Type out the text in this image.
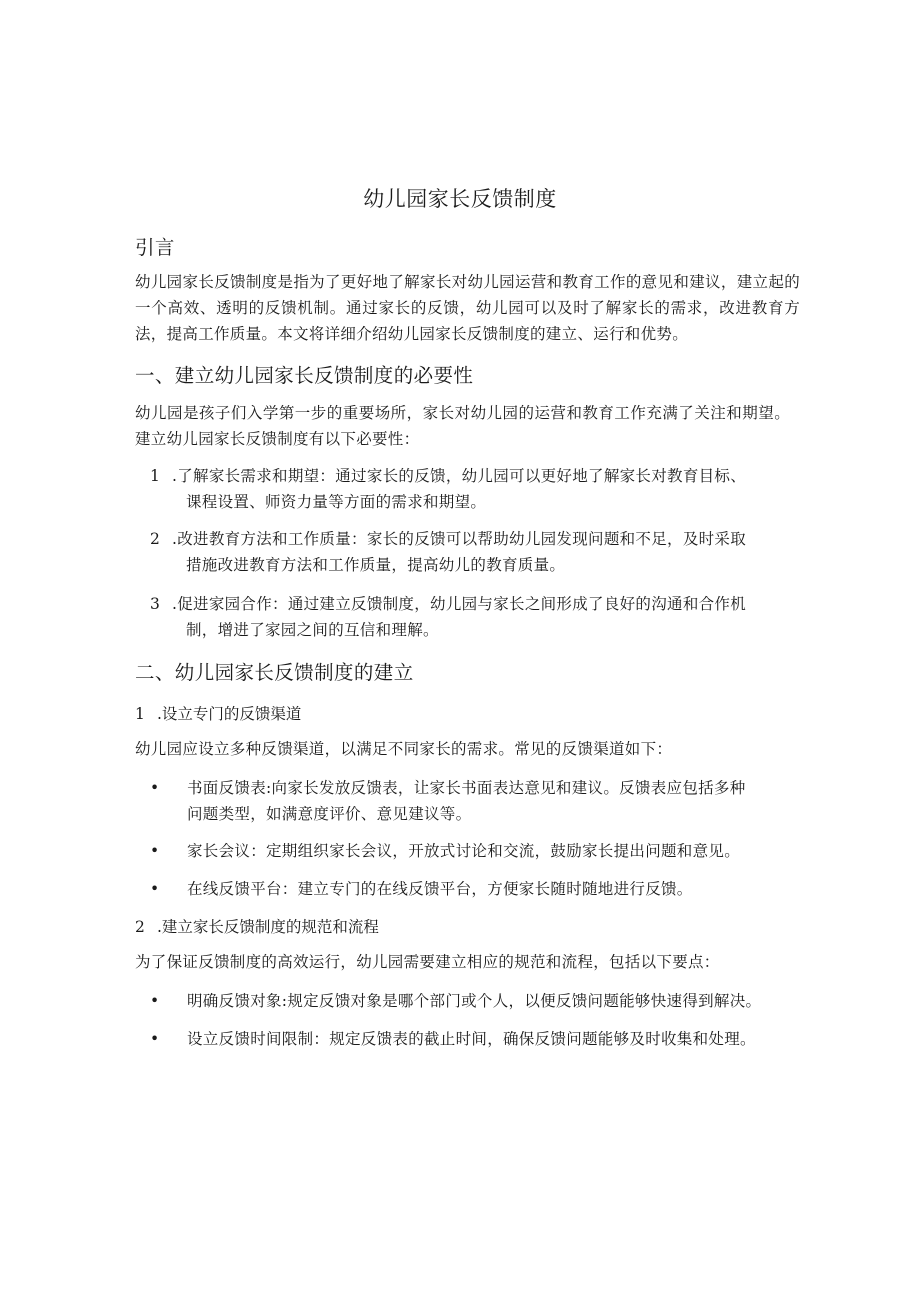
幼儿园家长反馈制度
引言

幼儿园家长反馈制度是指为了更好地了解家长对幼儿园运营和教育工作的意见和建议，建立起的一个高效、透明的反馈机制。通过家长的反馈，幼儿园可以及时了解家长的需求，改进教育方法，提高工作质量。本文将详细介绍幼儿园家长反馈制度的建立、运行和优势。

一、建立幼儿园家长反馈制度的必要性

幼儿园是孩子们入学第一步的重要场所，家长对幼儿园的运营和教育工作充满了关注和期望。建立幼儿园家长反馈制度有以下必要性：

1 .了解家长需求和期望：通过家长的反馈，幼儿园可以更好地了解家长对教育目标、
课程设置、师资力量等方面的需求和期望。
2 .改进教育方法和工作质量：家长的反馈可以帮助幼儿园发现问题和不足，及时采取
措施改进教育方法和工作质量，提高幼儿的教育质量。
3 .促进家园合作：通过建立反馈制度，幼儿园与家长之间形成了良好的沟通和合作机
制，增进了家园之间的互信和理解。
二、幼儿园家长反馈制度的建立

1 .设立专门的反馈渠道

幼儿园应设立多种反馈渠道，以满足不同家长的需求。常见的反馈渠道如下：

•	书面反馈表:向家长发放反馈表，让家长书面表达意见和建议。反馈表应包括多种
问题类型，如满意度评价、意见建议等。
•	家长会议：定期组织家长会议，开放式讨论和交流，鼓励家长提出问题和意见。
•	在线反馈平台：建立专门的在线反馈平台，方便家长随时随地进行反馈。

2 .建立家长反馈制度的规范和流程

为了保证反馈制度的高效运行，幼儿园需要建立相应的规范和流程，包括以下要点：

•	明确反馈对象:规定反馈对象是哪个部门或个人，以便反馈问题能够快速得到解决。
•	设立反馈时间限制：规定反馈表的截止时间，确保反馈问题能够及时收集和处理。
